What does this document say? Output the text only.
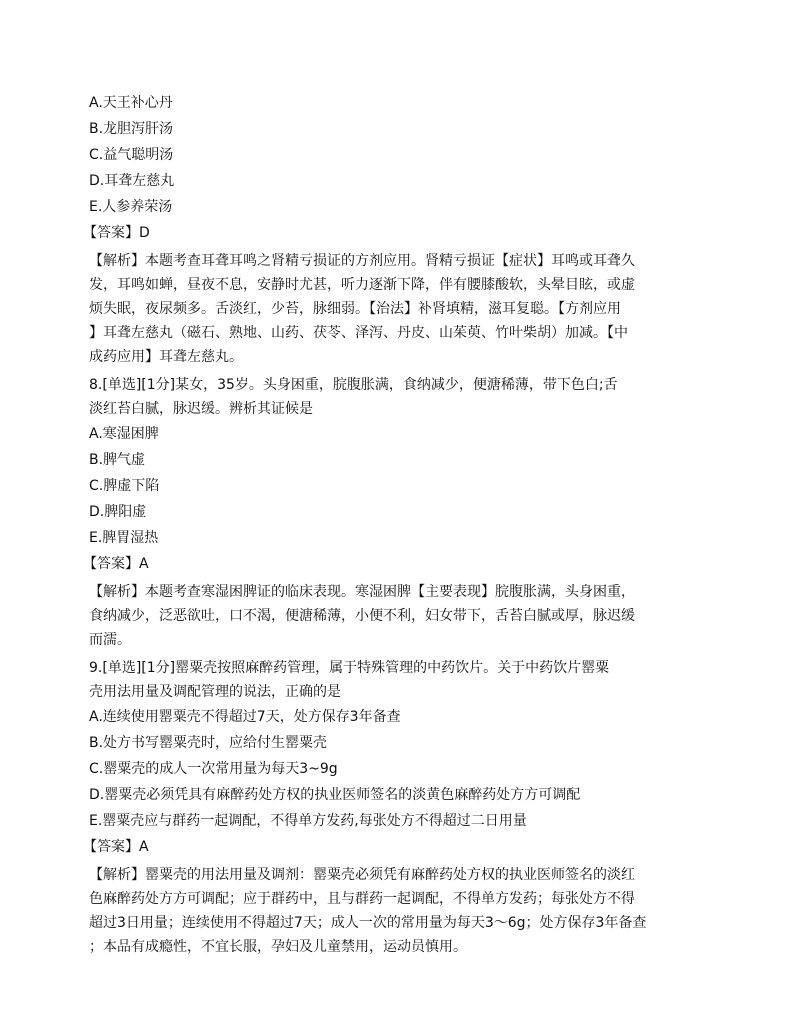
A.天王补心丹
B.龙胆泻肝汤
C.益气聪明汤
D.耳聋左慈丸
E.人参养荣汤
【答案】D
【解析】本题考查耳聋耳鸣之肾精亏损证的方剂应用。肾精亏损证【症状】耳鸣或耳聋久
发，耳鸣如蝉，昼夜不息，安静时尤甚，听力逐渐下降，伴有腰膝酸软，头晕目眩，或虚
烦失眠，夜尿频多。舌淡红，少苔，脉细弱。【治法】补肾填精，滋耳复聪。【方剂应用
】耳聋左慈丸（磁石、熟地、山药、茯苓、泽泻、丹皮、山茱萸、竹叶柴胡）加减。【中
成药应用】耳聋左慈丸。
8.[单选][1分]某女，35岁。头身困重，脘腹胀满，食纳减少，便溏稀薄，带下色白;舌
淡红苔白腻，脉迟缓。辨析其证候是
A.寒湿困脾
B.脾气虚
C.脾虚下陷
D.脾阳虚
E.脾胃湿热
【答案】A
【解析】本题考查寒湿困脾证的临床表现。寒湿困脾【主要表现】脘腹胀满，头身困重，
食纳减少，泛恶欲吐，口不渴，便溏稀薄，小便不利，妇女带下，舌苔白腻或厚，脉迟缓
而濡。
9.[单选][1分]罂粟壳按照麻醉药管理，属于特殊管理的中药饮片。关于中药饮片罂粟
壳用法用量及调配管理的说法，正确的是
A.连续使用罂粟壳不得超过7天，处方保存3年备查
B.处方书写罂粟壳时，应给付生罂粟壳
C.罂粟壳的成人一次常用量为每天3~9g
D.罂粟壳必须凭具有麻醉药处方权的执业医师签名的淡黄色麻醉药处方方可调配
E.罂粟壳应与群药一起调配，不得单方发药,每张处方不得超过二日用量
【答案】A
【解析】罂粟壳的用法用量及调剂：罂粟壳必须凭有麻醉药处方权的执业医师签名的淡红
色麻醉药处方方可调配；应于群药中，且与群药一起调配，不得单方发药；每张处方不得
超过3日用量；连续使用不得超过7天；成人一次的常用量为每天3～6g；处方保存3年备查
；本品有成瘾性，不宜长服，孕妇及儿童禁用，运动员慎用。
